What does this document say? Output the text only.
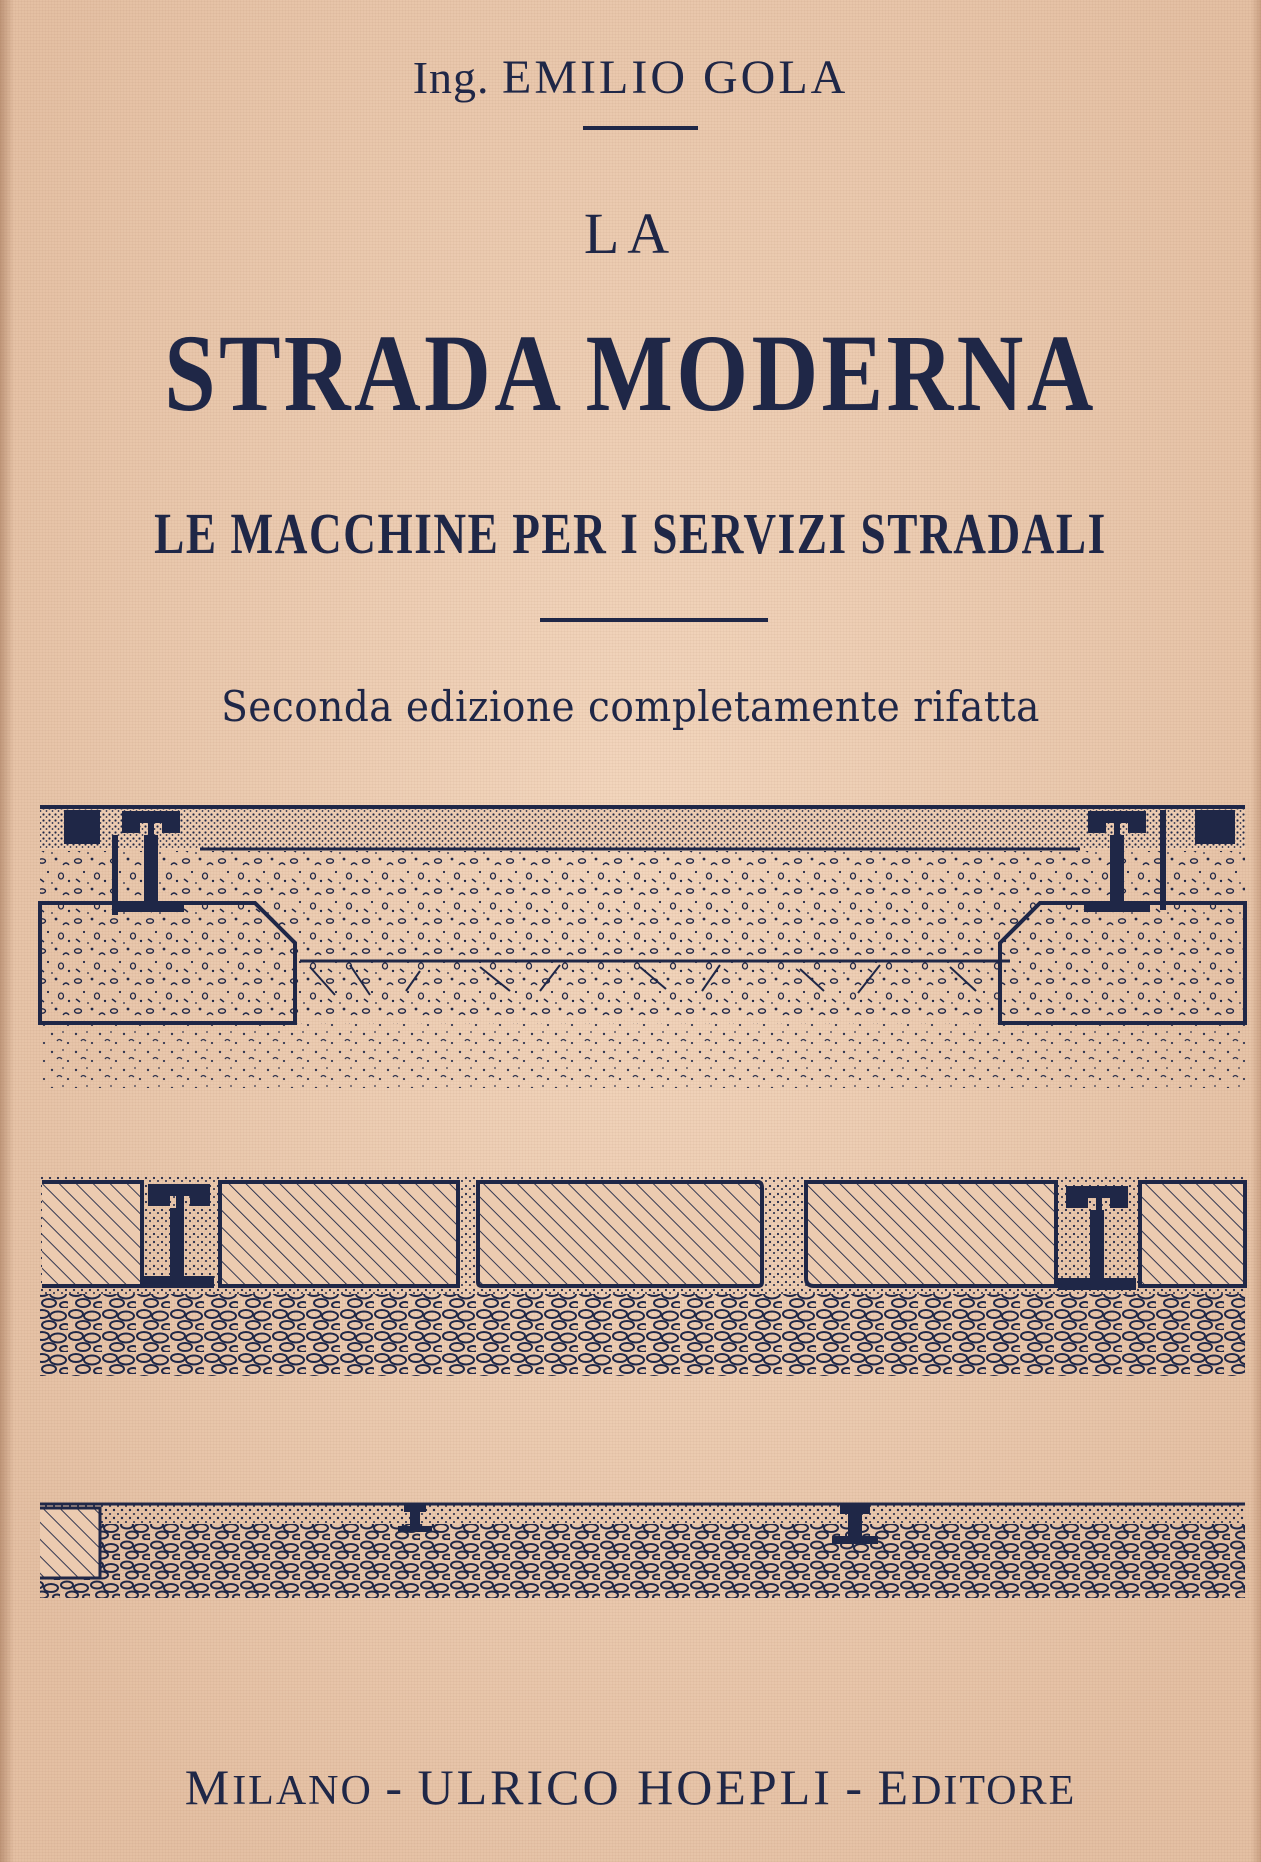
Ing. EMILIO GOLA
LA
STRADA MODERNA
LE MACCHINE PER I SERVIZI STRADALI
Seconda edizione completamente rifatta
MILANO - ULRICO HOEPLI - EDITORE
